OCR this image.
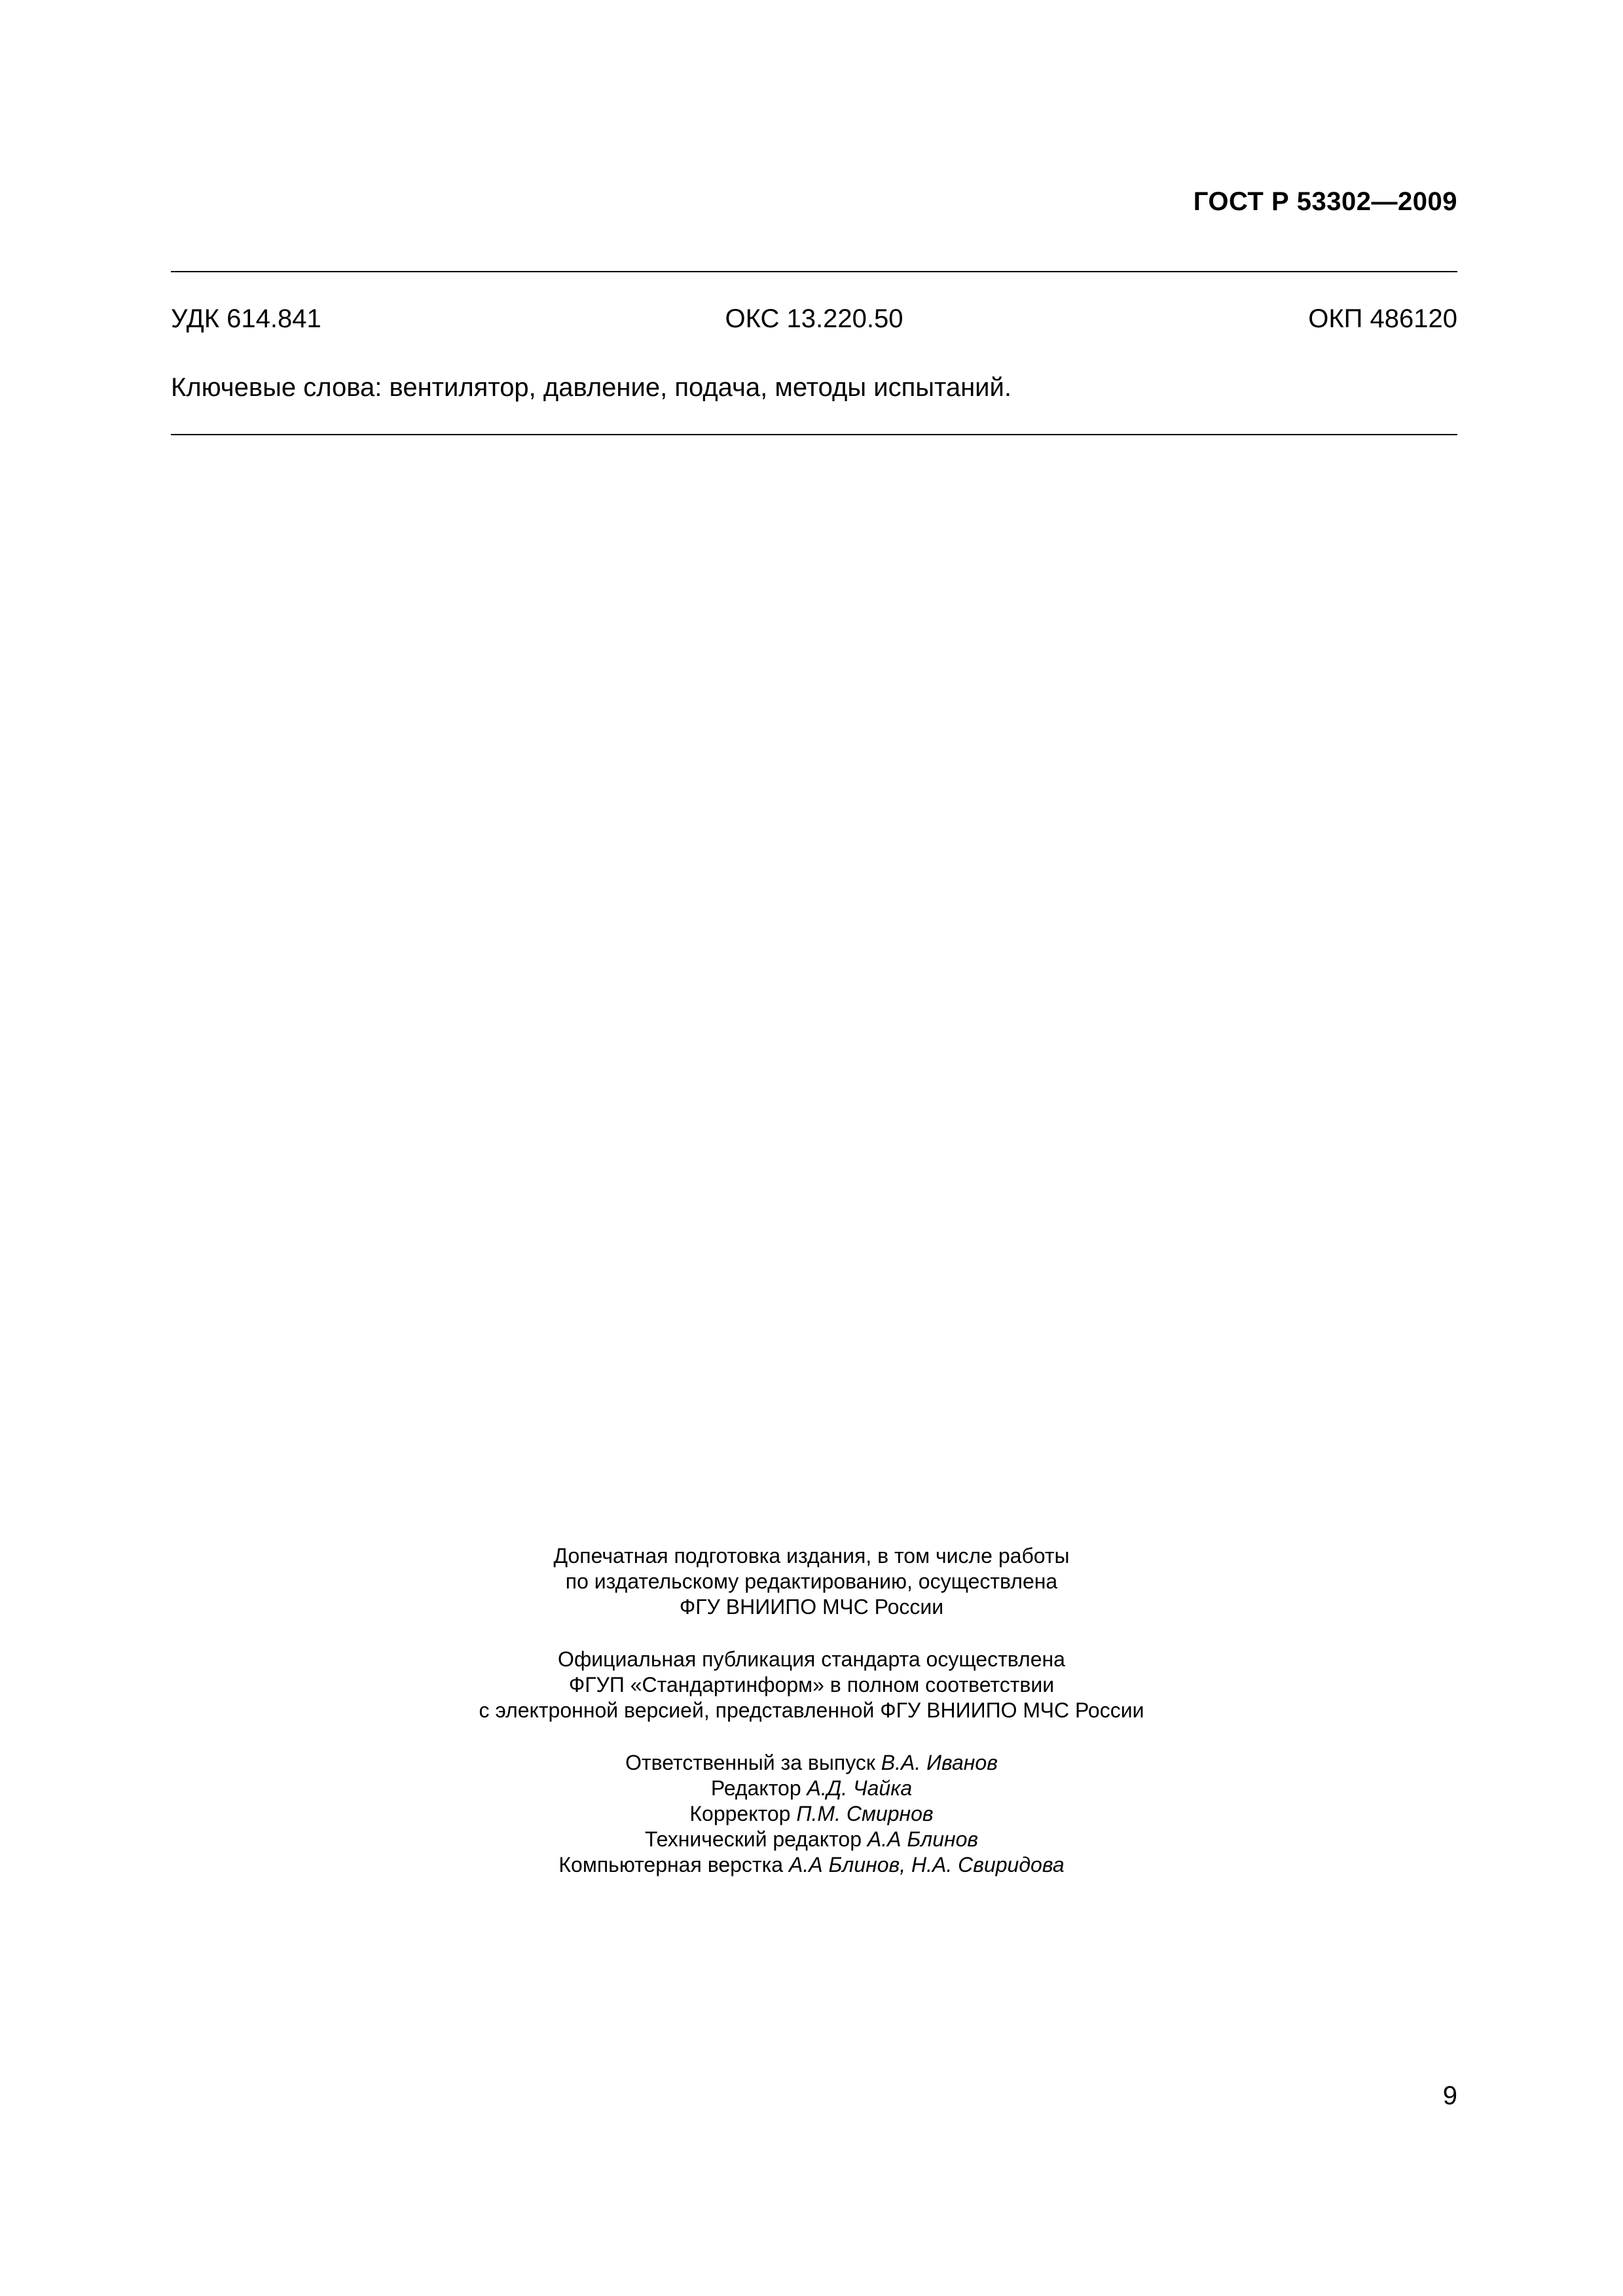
ГОСТ Р 53302—2009
УДК 614.841	ОКС 13.220.50	ОКП 486120
Ключевые слова: вентилятор, давление, подача, методы испытаний.
Допечатная подготовка издания, в том числе работы
по издательскому редактированию, осуществлена
ФГУ ВНИИПО МЧС России
Официальная публикация стандарта осуществлена
ФГУП «Стандартинформ» в полном соответствии
с электронной версией, представленной ФГУ ВНИИПО МЧС России
Ответственный за выпуск В.А. Иванов
Редактор А.Д. Чайка
Корректор П.М. Смирнов
Технический редактор А.А Блинов
Компьютерная верстка А.А Блинов, Н.А. Свиридова
9
